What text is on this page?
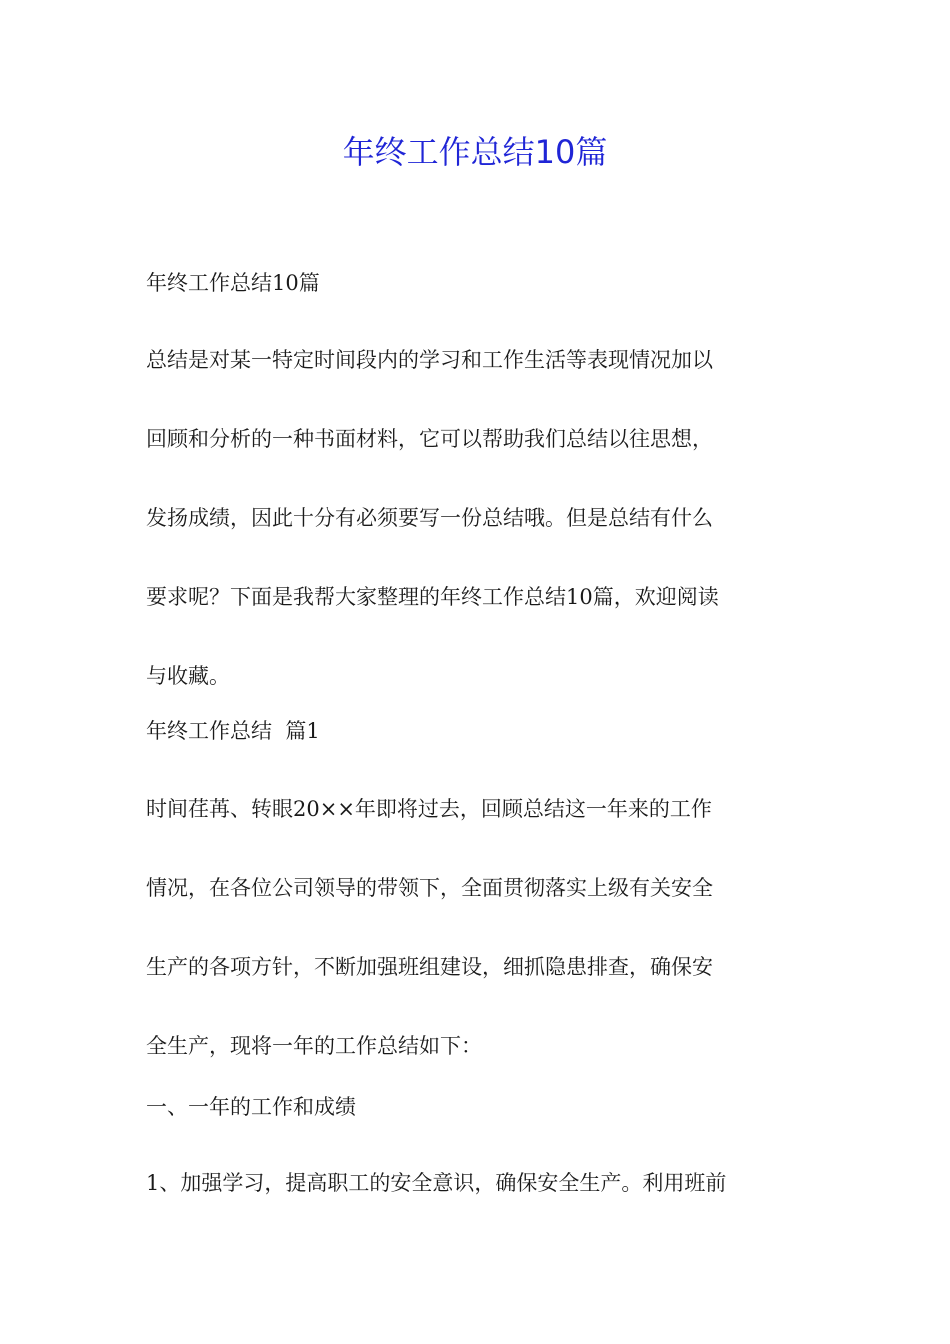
年终工作总结10篇

年终工作总结10篇

总结是对某一特定时间段内的学习和工作生活等表现情况加以
回顾和分析的一种书面材料，它可以帮助我们总结以往思想，
发扬成绩，因此十分有必须要写一份总结哦。但是总结有什么
要求呢？下面是我帮大家整理的年终工作总结10篇，欢迎阅读
与收藏。

年终工作总结  篇1

时间荏苒、转眼20××年即将过去，回顾总结这一年来的工作
情况，在各位公司领导的带领下，全面贯彻落实上级有关安全
生产的各项方针，不断加强班组建设，细抓隐患排查，确保安
全生产，现将一年的工作总结如下：

一、一年的工作和成绩

1、加强学习，提高职工的安全意识，确保安全生产。利用班前
